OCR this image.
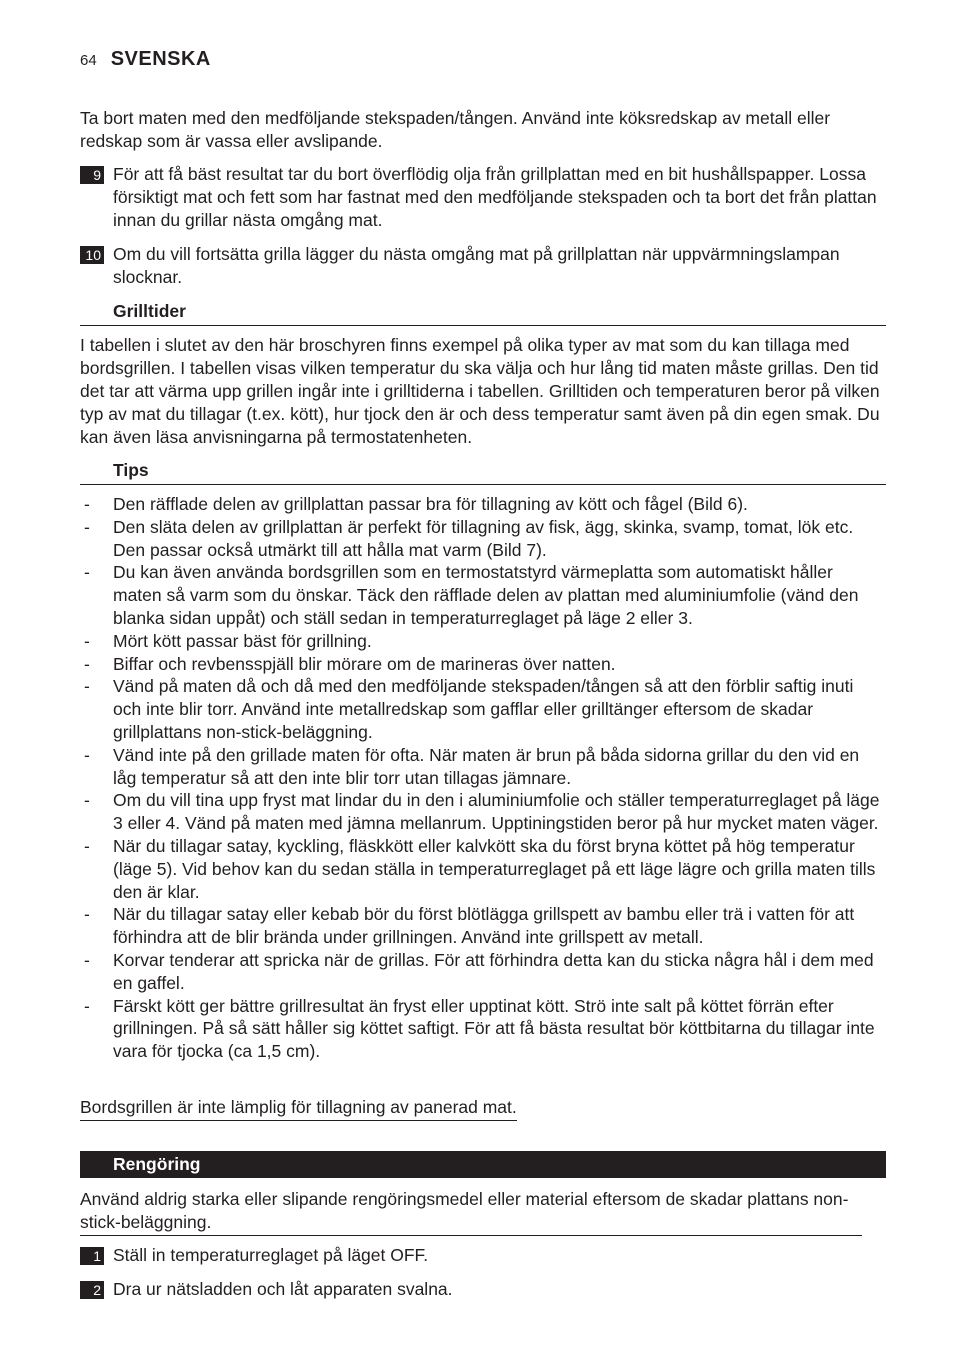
64 SVENSKA

Ta bort maten med den medföljande stekspaden/tången. Använd inte köksredskap av metall eller redskap som är vassa eller avslipande.

9 För att få bäst resultat tar du bort överflödig olja från grillplattan med en bit hushållspapper. Lossa försiktigt mat och fett som har fastnat med den medföljande stekspaden och ta bort det från plattan innan du grillar nästa omgång mat.
10 Om du vill fortsätta grilla lägger du nästa omgång mat på grillplattan när uppvärmningslampan slocknar.
Grilltider

I tabellen i slutet av den här broschyren finns exempel på olika typer av mat som du kan tillaga med bordsgrillen. I tabellen visas vilken temperatur du ska välja och hur lång tid maten måste grillas. Den tid det tar att värma upp grillen ingår inte i grilltiderna i tabellen. Grilltiden och temperaturen beror på vilken typ av mat du tillagar (t.ex. kött), hur tjock den är och dess temperatur samt även på din egen smak. Du kan även läsa anvisningarna på termostatenheten.

Tips
- Den räfflade delen av grillplattan passar bra för tillagning av kött och fågel (Bild 6).
- Den släta delen av grillplattan är perfekt för tillagning av fisk, ägg, skinka, svamp, tomat, lök etc. Den passar också utmärkt till att hålla mat varm (Bild 7).
- Du kan även använda bordsgrillen som en termostatstyrd värmeplatta som automatiskt håller maten så varm som du önskar. Täck den räfflade delen av plattan med aluminiumfolie (vänd den blanka sidan uppåt) och ställ sedan in temperaturreglaget på läge 2 eller 3.
- Mört kött passar bäst för grillning.
- Biffar och revbensspjäll blir mörare om de marineras över natten.
- Vänd på maten då och då med den medföljande stekspaden/tången så att den förblir saftig inuti och inte blir torr. Använd inte metallredskap som gafflar eller grilltänger eftersom de skadar grillplattans non-stick-beläggning.
- Vänd inte på den grillade maten för ofta. När maten är brun på båda sidorna grillar du den vid en låg temperatur så att den inte blir torr utan tillagas jämnare.
- Om du vill tina upp fryst mat lindar du in den i aluminiumfolie och ställer temperaturreglaget på läge 3 eller 4. Vänd på maten med jämna mellanrum. Upptiningstiden beror på hur mycket maten väger.
- När du tillagar satay, kyckling, fläskkött eller kalvkött ska du först bryna köttet på hög temperatur (läge 5). Vid behov kan du sedan ställa in temperaturreglaget på ett läge lägre och grilla maten tills den är klar.
- När du tillagar satay eller kebab bör du först blötlägga grillspett av bambu eller trä i vatten för att förhindra att de blir brända under grillningen. Använd inte grillspett av metall.
- Korvar tenderar att spricka när de grillas. För att förhindra detta kan du sticka några hål i dem med en gaffel.
- Färskt kött ger bättre grillresultat än fryst eller upptinat kött. Strö inte salt på köttet förrän efter grillningen. På så sätt håller sig köttet saftigt. För att få bästa resultat bör köttbitarna du tillagar inte vara för tjocka (ca 1,5 cm).
Bordsgrillen är inte lämplig för tillagning av panerad mat.
Rengöring
Använd aldrig starka eller slipande rengöringsmedel eller material eftersom de skadar plattans non-stick-beläggning.
1 Ställ in temperaturreglaget på läget OFF.
2 Dra ur nätsladden och låt apparaten svalna.
